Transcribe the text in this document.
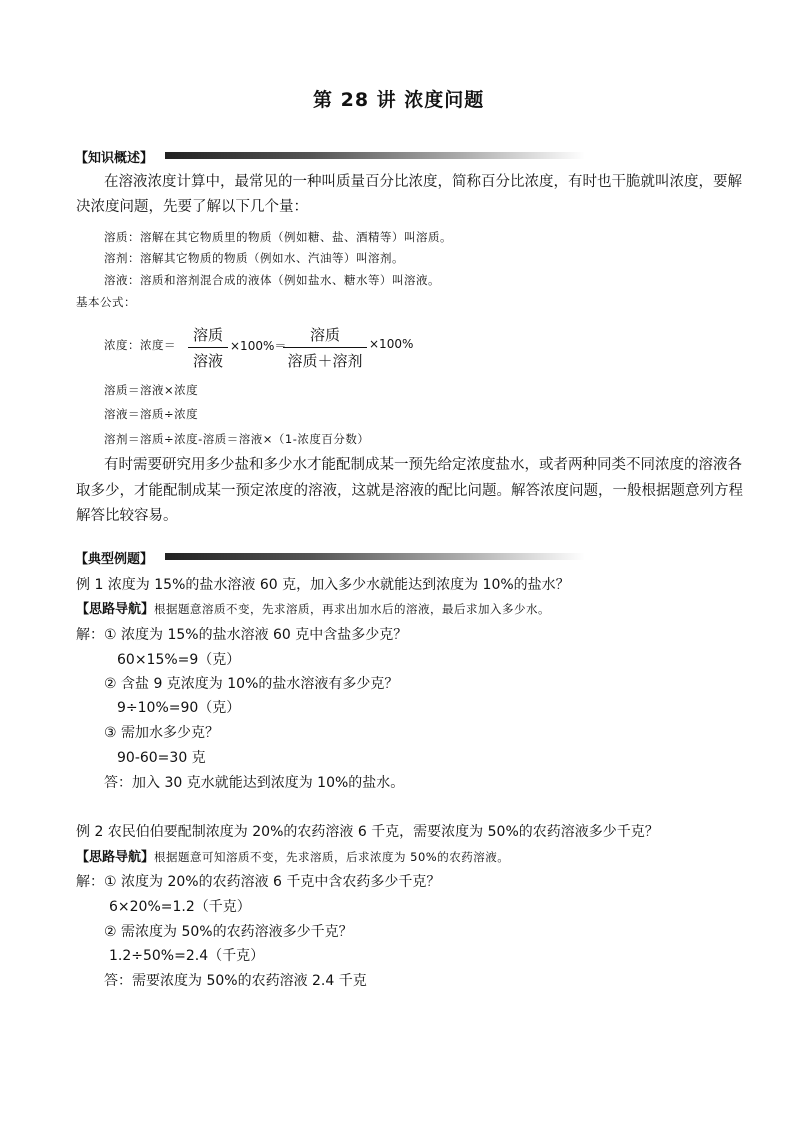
第 28 讲 浓度问题
【知识概述】
在溶液浓度计算中，最常见的一种叫质量百分比浓度，简称百分比浓度，有时也干脆就叫浓度，要解
决浓度问题，先要了解以下几个量：
溶质：溶解在其它物质里的物质（例如糖、盐、酒精等）叫溶质。
溶剂：溶解其它物质的物质（例如水、汽油等）叫溶剂。
溶液：溶质和溶剂混合成的液体（例如盐水、糖水等）叫溶液。
基本公式：
浓度：浓度＝
溶质
溶液
×100%＝
溶质
溶质＋溶剂
×100%
溶质＝溶液×浓度
溶液＝溶质÷浓度
溶剂＝溶质÷浓度-溶质＝溶液×（1-浓度百分数）
有时需要研究用多少盐和多少水才能配制成某一预先给定浓度盐水，或者两种同类不同浓度的溶液各
取多少，才能配制成某一预定浓度的溶液，这就是溶液的配比问题。解答浓度问题，一般根据题意列方程
解答比较容易。
【典型例题】
例 1 浓度为 15%的盐水溶液 60 克，加入多少水就能达到浓度为 10%的盐水？
【思路导航】根据题意溶质不变，先求溶质，再求出加水后的溶液，最后求加入多少水。
解：① 浓度为 15%的盐水溶液 60 克中含盐多少克？
60×15%=9（克）
② 含盐 9 克浓度为 10%的盐水溶液有多少克？
9÷10%=90（克）
③ 需加水多少克？
90-60=30 克
答：加入 30 克水就能达到浓度为 10%的盐水。
例 2 农民伯伯要配制浓度为 20%的农药溶液 6 千克，需要浓度为 50%的农药溶液多少千克？
【思路导航】根据题意可知溶质不变，先求溶质，后求浓度为 50%的农药溶液。
解：① 浓度为 20%的农药溶液 6 千克中含农药多少千克？
6×20%=1.2（千克）
② 需浓度为 50%的农药溶液多少千克？
1.2÷50%=2.4（千克）
答：需要浓度为 50%的农药溶液 2.4 千克
